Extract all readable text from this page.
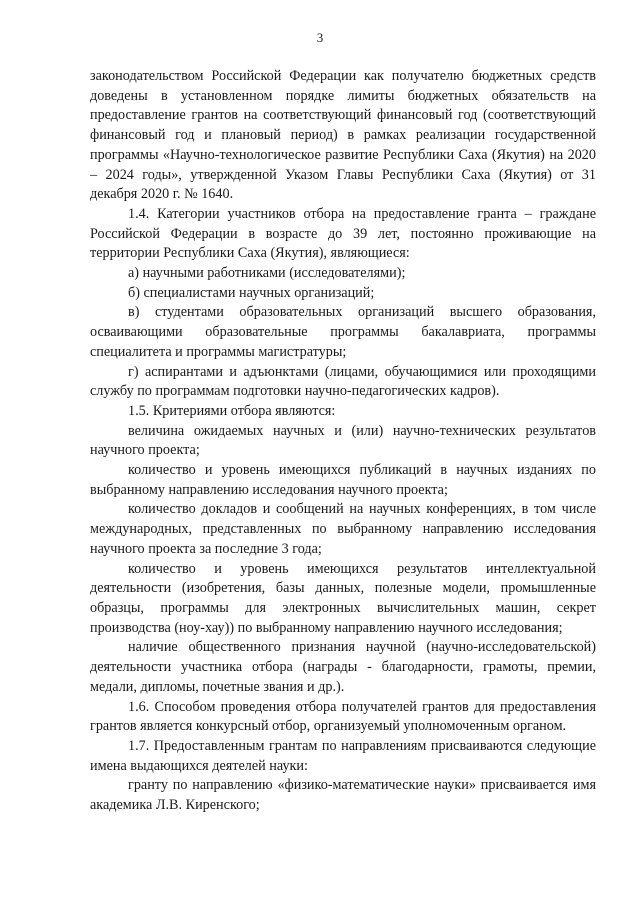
3

законодательством Российской Федерации как получателю бюджетных средств доведены в установленном порядке лимиты бюджетных обязательств на предоставление грантов на соответствующий финансовый год (соответствующий финансовый год и плановый период) в рамках реализации государственной программы «Научно-технологическое развитие Республики Саха (Якутия) на 2020 – 2024 годы», утвержденной Указом Главы Республики Саха (Якутия) от 31 декабря 2020 г. № 1640.

1.4. Категории участников отбора на предоставление гранта – граждане Российской Федерации в возрасте до 39 лет, постоянно проживающие на территории Республики Саха (Якутия), являющиеся:

а) научными работниками (исследователями);

б) специалистами научных организаций;

в) студентами образовательных организаций высшего образования, осваивающими образовательные программы бакалавриата, программы специалитета и программы магистратуры;

г) аспирантами и адъюнктами (лицами, обучающимися или проходящими службу по программам подготовки научно-педагогических кадров).

1.5. Критериями отбора являются:

величина ожидаемых научных и (или) научно-технических результатов научного проекта;

количество и уровень имеющихся публикаций в научных изданиях по выбранному направлению исследования научного проекта;

количество докладов и сообщений на научных конференциях, в том числе международных, представленных по выбранному направлению исследования научного проекта за последние 3 года;

количество и уровень имеющихся результатов интеллектуальной деятельности (изобретения, базы данных, полезные модели, промышленные образцы, программы для электронных вычислительных машин, секрет производства (ноу-хау)) по выбранному направлению научного исследования;

наличие общественного признания научной (научно-исследовательской) деятельности участника отбора (награды - благодарности, грамоты, премии, медали, дипломы, почетные звания и др.).

1.6. Способом проведения отбора получателей грантов для предоставления грантов является конкурсный отбор, организуемый уполномоченным органом.

1.7. Предоставленным грантам по направлениям присваиваются следующие имена выдающихся деятелей науки:

гранту по направлению «физико-математические науки» присваивается имя академика Л.В. Киренского;
